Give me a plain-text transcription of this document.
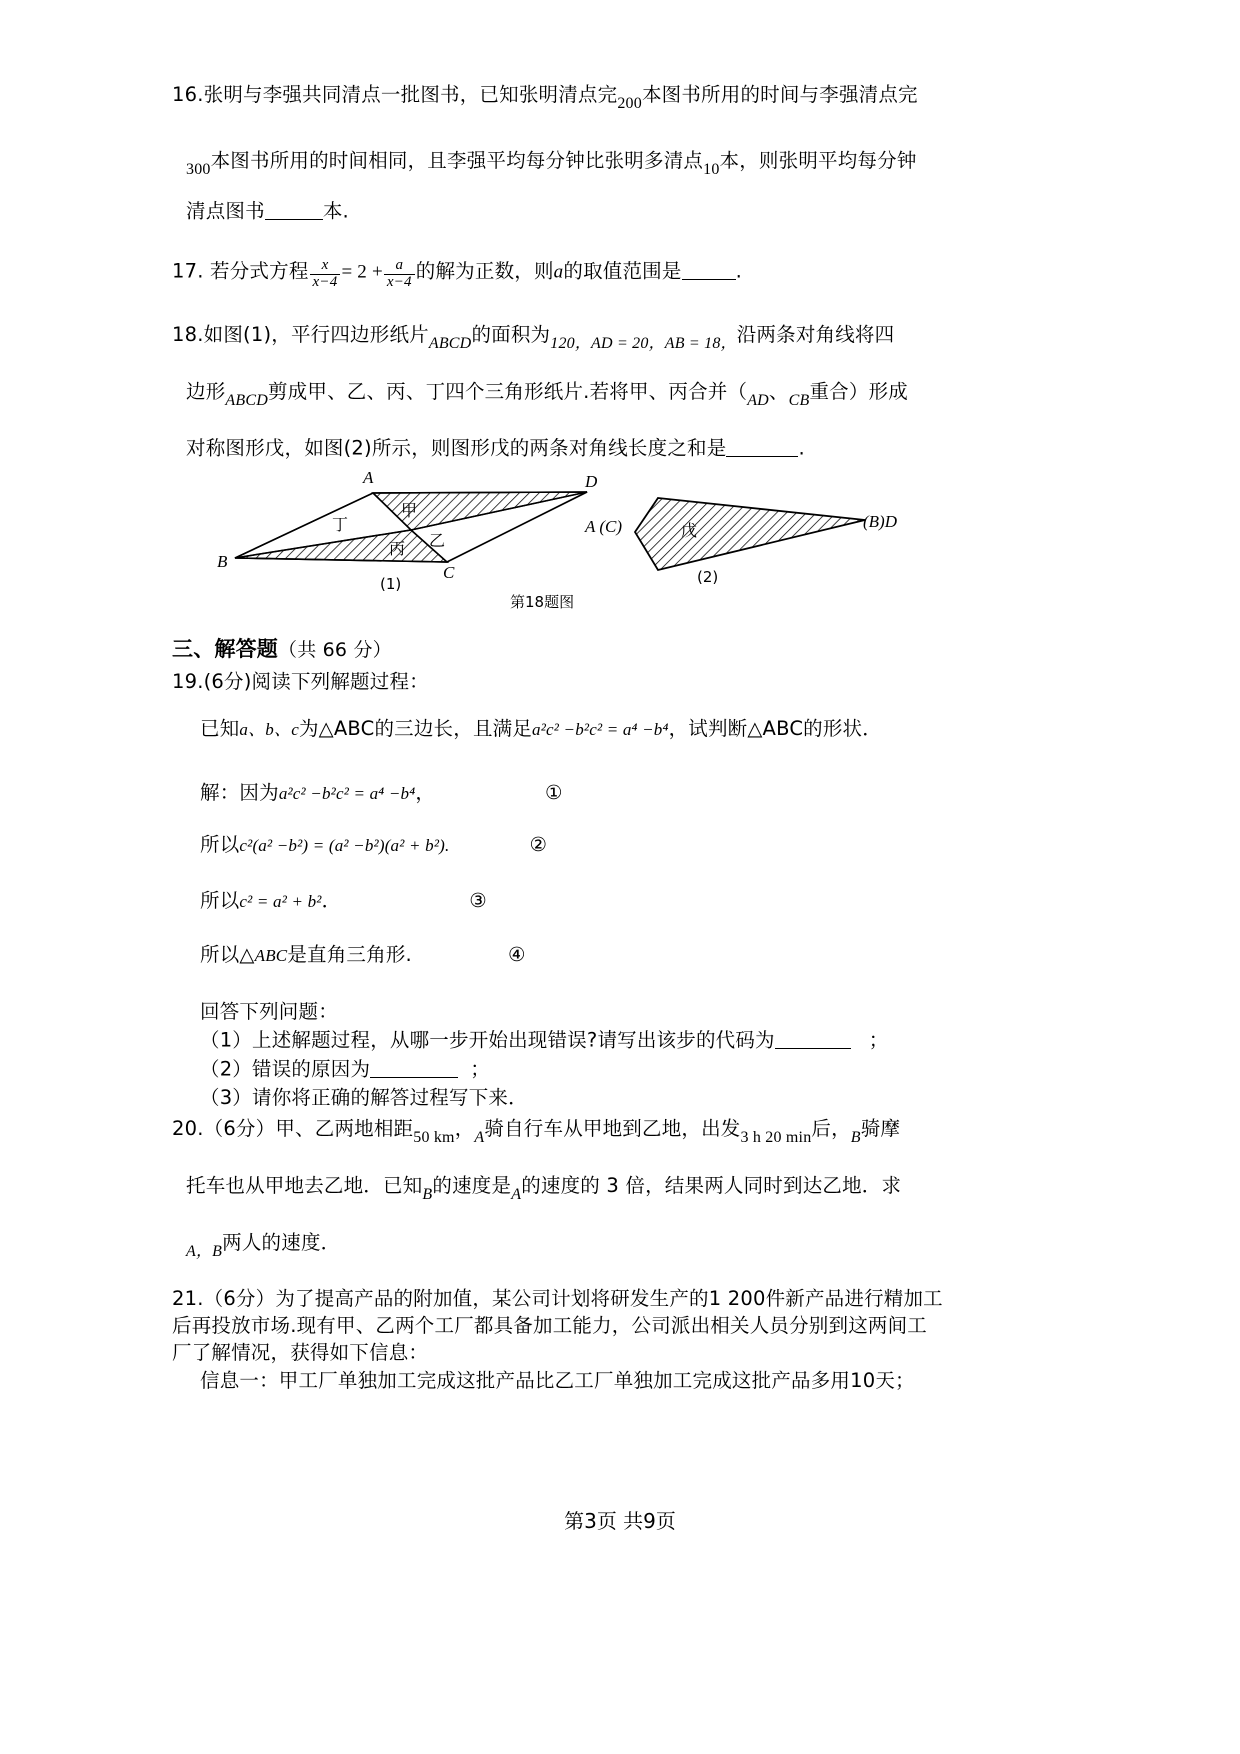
16.张明与李强共同清点一批图书，已知张明清点完200本图书所用的时间与李强清点完
300本图书所用的时间相同，且李强平均每分钟比张明多清点10本，则张明平均每分钟
清点图书	本.
17. 若分式方程 $\frac{x}{x-4} = 2 + \frac{a}{x-4}$ 的解为正数，则a的取值范围是	.
18.如图(1)，平行四边形纸片ABCD的面积为120，AD = 20，AB = 18，沿两条对角线将四
边形ABCD剪成甲、乙、丙、丁四个三角形纸片.若将甲、丙合并（AD、CB重合）形成
对称图形戊，如图(2)所示，则图形戊的两条对角线长度之和是	.
A	D
B
C
甲
乙
丙
丁	A (C)	(B)D
戊
(1)	(2)
第18题图
三、解答题（共 66 分）
19.(6分)阅读下列解题过程：
已知a、b、c为△ABC的三边长，且满足a²c² −b²c² = a⁴ −b⁴，试判断△ABC的形状．
解：因为a²c² −b²c² = a⁴ −b⁴，	①
所以c²(a² −b²) = (a² −b²)(a² + b²).	②
所以c² = a² + b²．	③
所以△ABC是直角三角形.	④
回答下列问题：
（1）上述解题过程，从哪一步开始出现错误?请写出该步的代码为	；
（2）错误的原因为	；
（3）请你将正确的解答过程写下来．
20.（6分）甲、乙两地相距50 km，A骑自行车从甲地到乙地，出发3 h 20 min后，B骑摩
托车也从甲地去乙地．已知B的速度是A的速度的 3 倍，结果两人同时到达乙地．求
A，B两人的速度．
21.（6分）为了提高产品的附加值，某公司计划将研发生产的1 200件新产品进行精加工
后再投放市场.现有甲、乙两个工厂都具备加工能力，公司派出相关人员分别到这两间工
厂了解情况，获得如下信息：
信息一：甲工厂单独加工完成这批产品比乙工厂单独加工完成这批产品多用10天；
第3页 共9页
